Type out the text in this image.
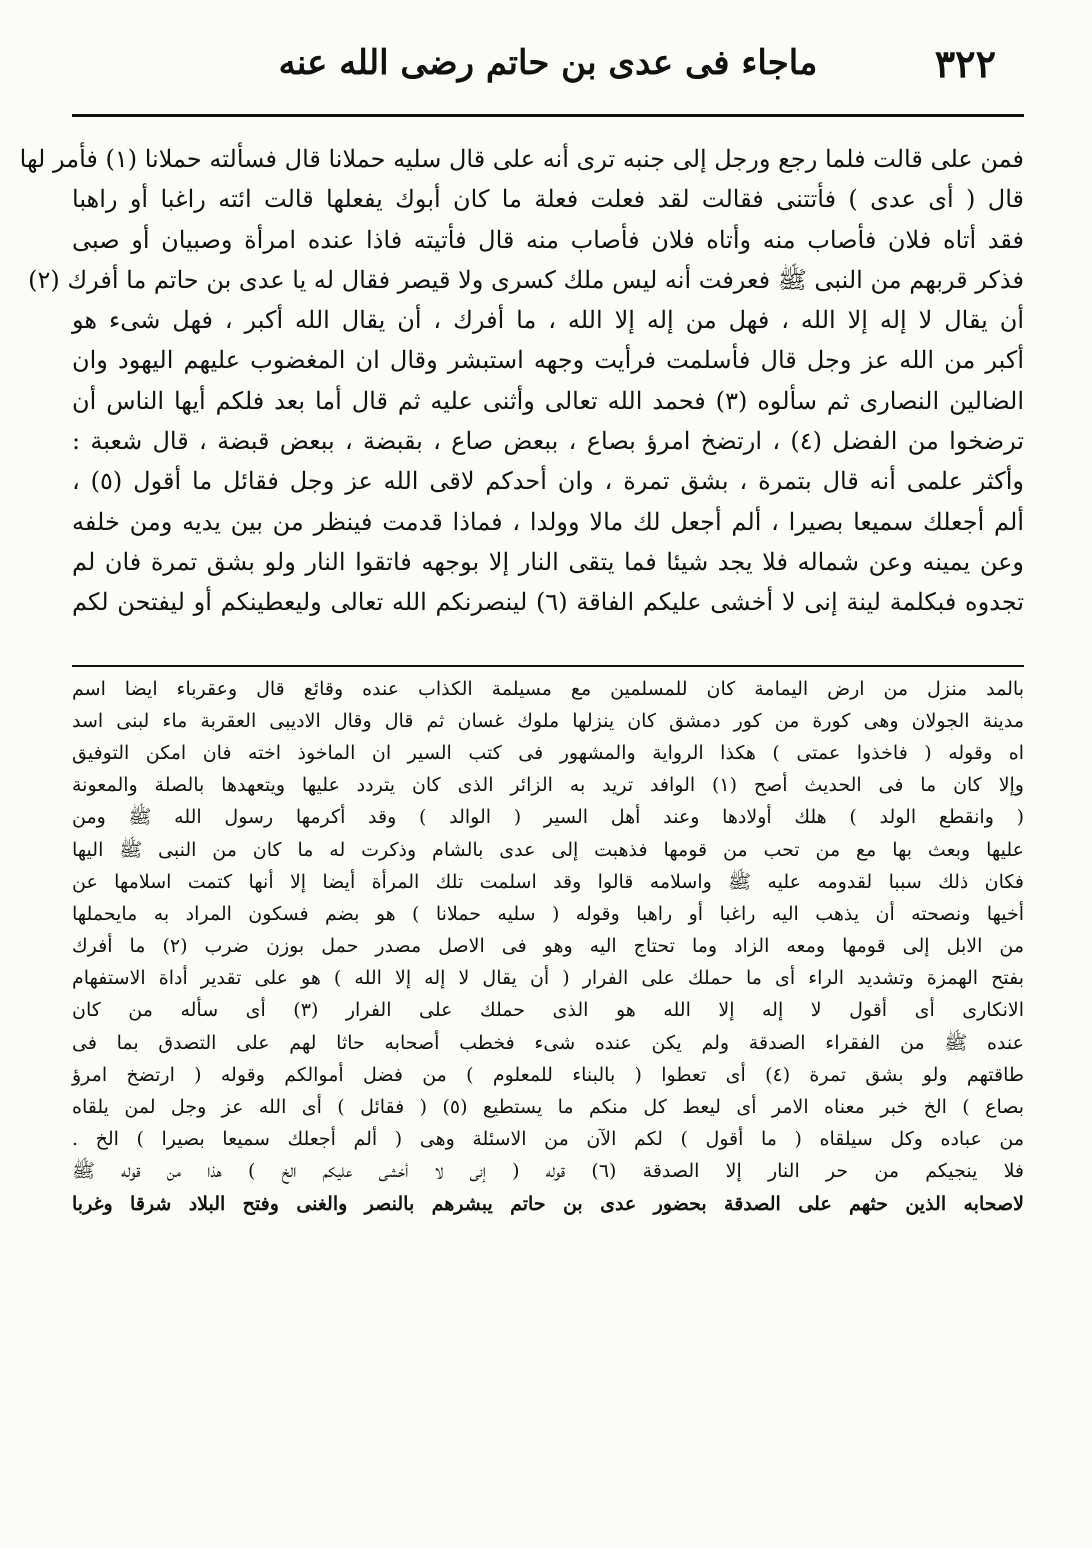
٣٢٢
ماجاء فى عدى بن حاتم رضى الله عنه
فمن على قالت فلما رجع ورجل إلى جنبه ترى أنه على قال سليه حملانا قال فسألته حملانا (١) فأمر لها
قال ( أى عدى ) فأتتنى فقالت لقد فعلت فعلة ما كان أبوك يفعلها قالت ائته راغبا أو راهبا
فقد أتاه فلان فأصاب منه وأتاه فلان فأصاب منه قال فأتيته فاذا عنده امرأة وصبيان أو صبى
فذكر قربهم من النبى ﷺ فعرفت أنه ليس ملك كسرى ولا قيصر فقال له يا عدى بن حاتم ما أفرك (٢)
أن يقال لا إله إلا الله ، فهل من إله إلا الله ، ما أفرك ، أن يقال الله أكبر ، فهل شىء هو
أكبر من الله عز وجل قال فأسلمت فرأيت وجهه استبشر وقال ان المغضوب عليهم اليهود وان
الضالين النصارى ثم سألوه (٣) فحمد الله تعالى وأثنى عليه ثم قال أما بعد فلكم أيها الناس أن
ترضخوا من الفضل (٤) ، ارتضخ امرؤ بصاع ، ببعض صاع ، بقبضة ، ببعض قبضة ، قال شعبة :
وأكثر علمى أنه قال بتمرة ، بشق تمرة ، وان أحدكم لاقى الله عز وجل فقائل ما أقول (٥) ،
ألم أجعلك سميعا بصيرا ، ألم أجعل لك مالا وولدا ، فماذا قدمت فينظر من بين يديه ومن خلفه
وعن يمينه وعن شماله فلا يجد شيئا فما يتقى النار إلا بوجهه فاتقوا النار ولو بشق تمرة فان لم
تجدوه فبكلمة لينة إنى لا أخشى عليكم الفاقة (٦) لينصرنكم الله تعالى وليعطينكم أو ليفتحن لكم
بالمد منزل من ارض اليمامة كان للمسلمين مع مسيلمة الكذاب عنده وقائع قال وعقرباء ايضا اسم
مدينة الجولان وهى كورة من كور دمشق كان ينزلها ملوك غسان ثم قال وقال الاديبى العقربة ماء لبنى اسد
اه وقوله ( فاخذوا عمتى ) هكذا الرواية والمشهور فى كتب السير ان الماخوذ اخته فان امكن التوفيق
وإلا كان ما فى الحديث أصح (١) الوافد تريد به الزائر الذى كان يتردد عليها ويتعهدها بالصلة والمعونة
( وانقطع الولد ) هلك أولادها وعند أهل السير ( الوالد ) وقد أكرمها رسول الله ﷺ ومن
عليها وبعث بها مع من تحب من قومها فذهبت إلى عدى بالشام وذكرت له ما كان من النبى ﷺ اليها
فكان ذلك سببا لقدومه عليه ﷺ واسلامه قالوا وقد اسلمت تلك المرأة أيضا إلا أنها كتمت اسلامها عن
أخيها ونصحته أن يذهب اليه راغبا أو راهبا وقوله ( سليه حملانا ) هو بضم فسكون المراد به مايحملها
من الابل إلى قومها ومعه الزاد وما تحتاج اليه وهو فى الاصل مصدر حمل بوزن ضرب (٢) ما أفرك
بفتح الهمزة وتشديد الراء أى ما حملك على الفرار ( أن يقال لا إله إلا الله ) هو على تقدير أداة الاستفهام
الانكارى أى أقول لا إله إلا الله هو الذى حملك على الفرار (٣) أى سأله من كان
عنده ﷺ من الفقراء الصدقة ولم يكن عنده شىء فخطب أصحابه حاثا لهم على التصدق بما فى
طاقتهم ولو بشق تمرة (٤) أى تعطوا ( بالبناء للمعلوم ) من فضل أموالكم وقوله ( ارتضخ امرؤ
بصاع ) الخ خبر معناه الامر أى ليعط كل منكم ما يستطيع (٥) ( فقائل ) أى الله عز وجل لمن يلقاه
من عباده وكل سيلقاه ( ما أقول ) لكم الآن من الاسئلة وهى ( ألم أجعلك سميعا بصيرا ) الخ .
فلا ينجيكم من حر النار إلا الصدقة (٦) قوله ( إنى لا أخشى عليكم الخ ) هذا من قوله ﷺ
لاصحابه الذين حثهم على الصدقة بحضور عدى بن حاتم يبشرهم بالنصر والغنى وفتح البلاد شرقا وغربا
